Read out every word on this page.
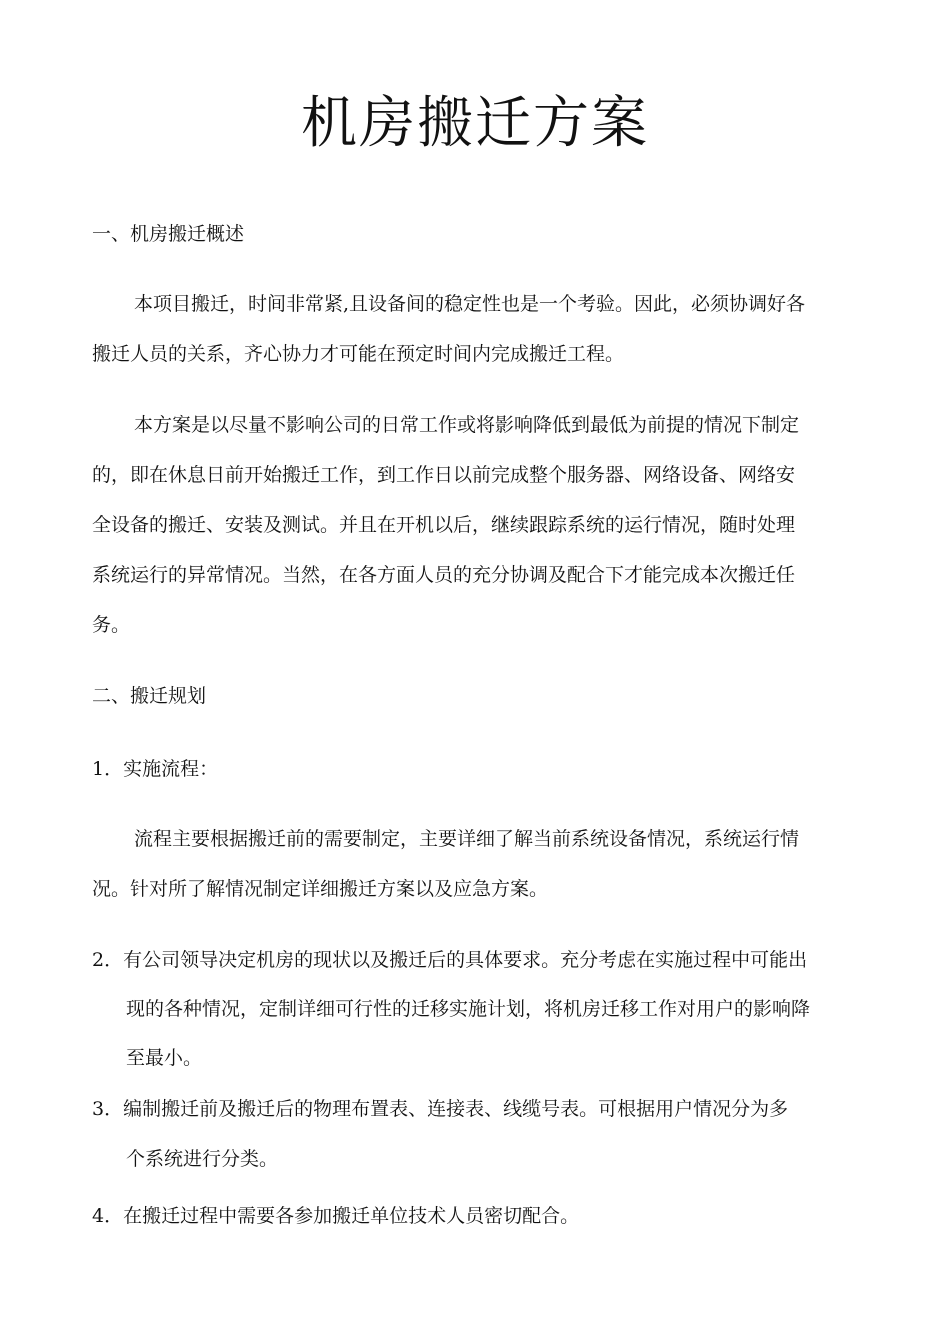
机房搬迁方案

一、机房搬迁概述

本项目搬迁，时间非常紧,且设备间的稳定性也是一个考验。因此，必须协调好各

搬迁人员的关系，齐心协力才可能在预定时间内完成搬迁工程。

本方案是以尽量不影响公司的日常工作或将影响降低到最低为前提的情况下制定

的，即在休息日前开始搬迁工作，到工作日以前完成整个服务器、网络设备、网络安

全设备的搬迁、安装及测试。并且在开机以后，继续跟踪系统的运行情况，随时处理

系统运行的异常情况。当然，在各方面人员的充分协调及配合下才能完成本次搬迁任

务。

二、搬迁规划

1．实施流程：

流程主要根据搬迁前的需要制定，主要详细了解当前系统设备情况，系统运行情

况。针对所了解情况制定详细搬迁方案以及应急方案。

2．有公司领导决定机房的现状以及搬迁后的具体要求。充分考虑在实施过程中可能出

现的各种情况，定制详细可行性的迁移实施计划，将机房迁移工作对用户的影响降

至最小。

3．编制搬迁前及搬迁后的物理布置表、连接表、线缆号表。可根据用户情况分为多

个系统进行分类。

4．在搬迁过程中需要各参加搬迁单位技术人员密切配合。
